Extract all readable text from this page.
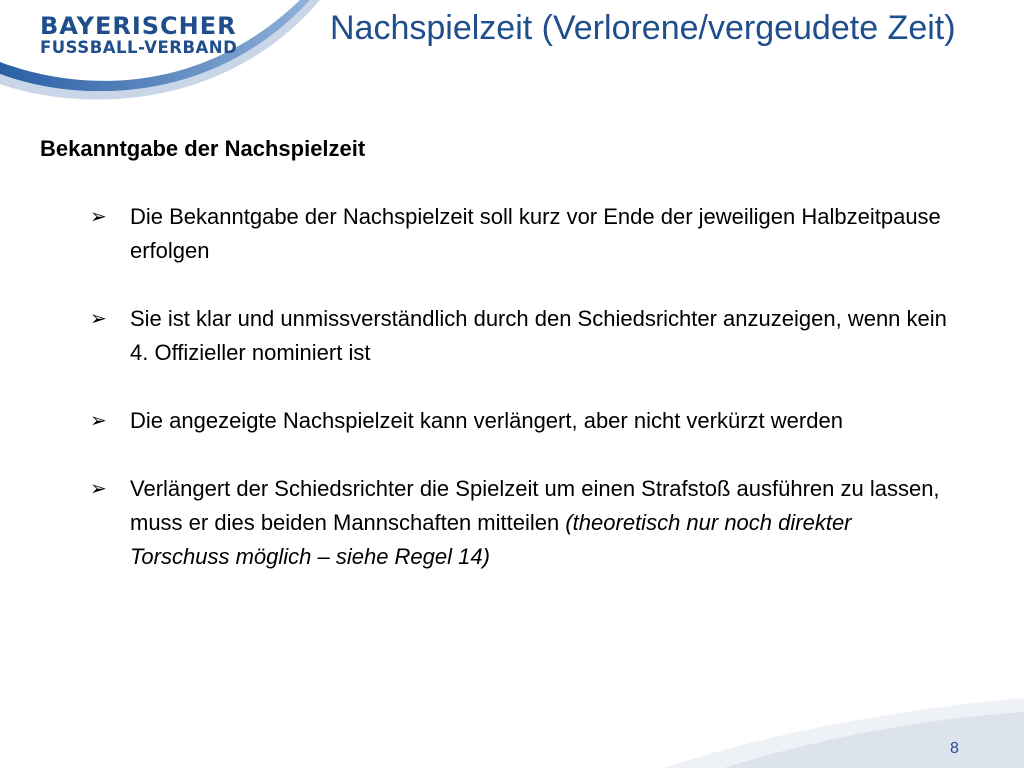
BAYERISCHER
FUSSBALL-VERBAND
Nachspielzeit (Verlorene/vergeudete Zeit)
Bekanntgabe der Nachspielzeit
➢ Die Bekanntgabe der Nachspielzeit soll kurz vor Ende der jeweiligen Halbzeitpause erfolgen
➢ Sie ist klar und unmissverständlich durch den Schiedsrichter anzuzeigen, wenn kein 4. Offizieller nominiert ist
➢ Die angezeigte Nachspielzeit kann verlängert, aber nicht verkürzt werden
➢ Verlängert der Schiedsrichter die Spielzeit um einen Strafstoß ausführen zu lassen, muss er dies beiden Mannschaften mitteilen (theoretisch nur noch direkter Torschuss möglich – siehe Regel 14)
8
